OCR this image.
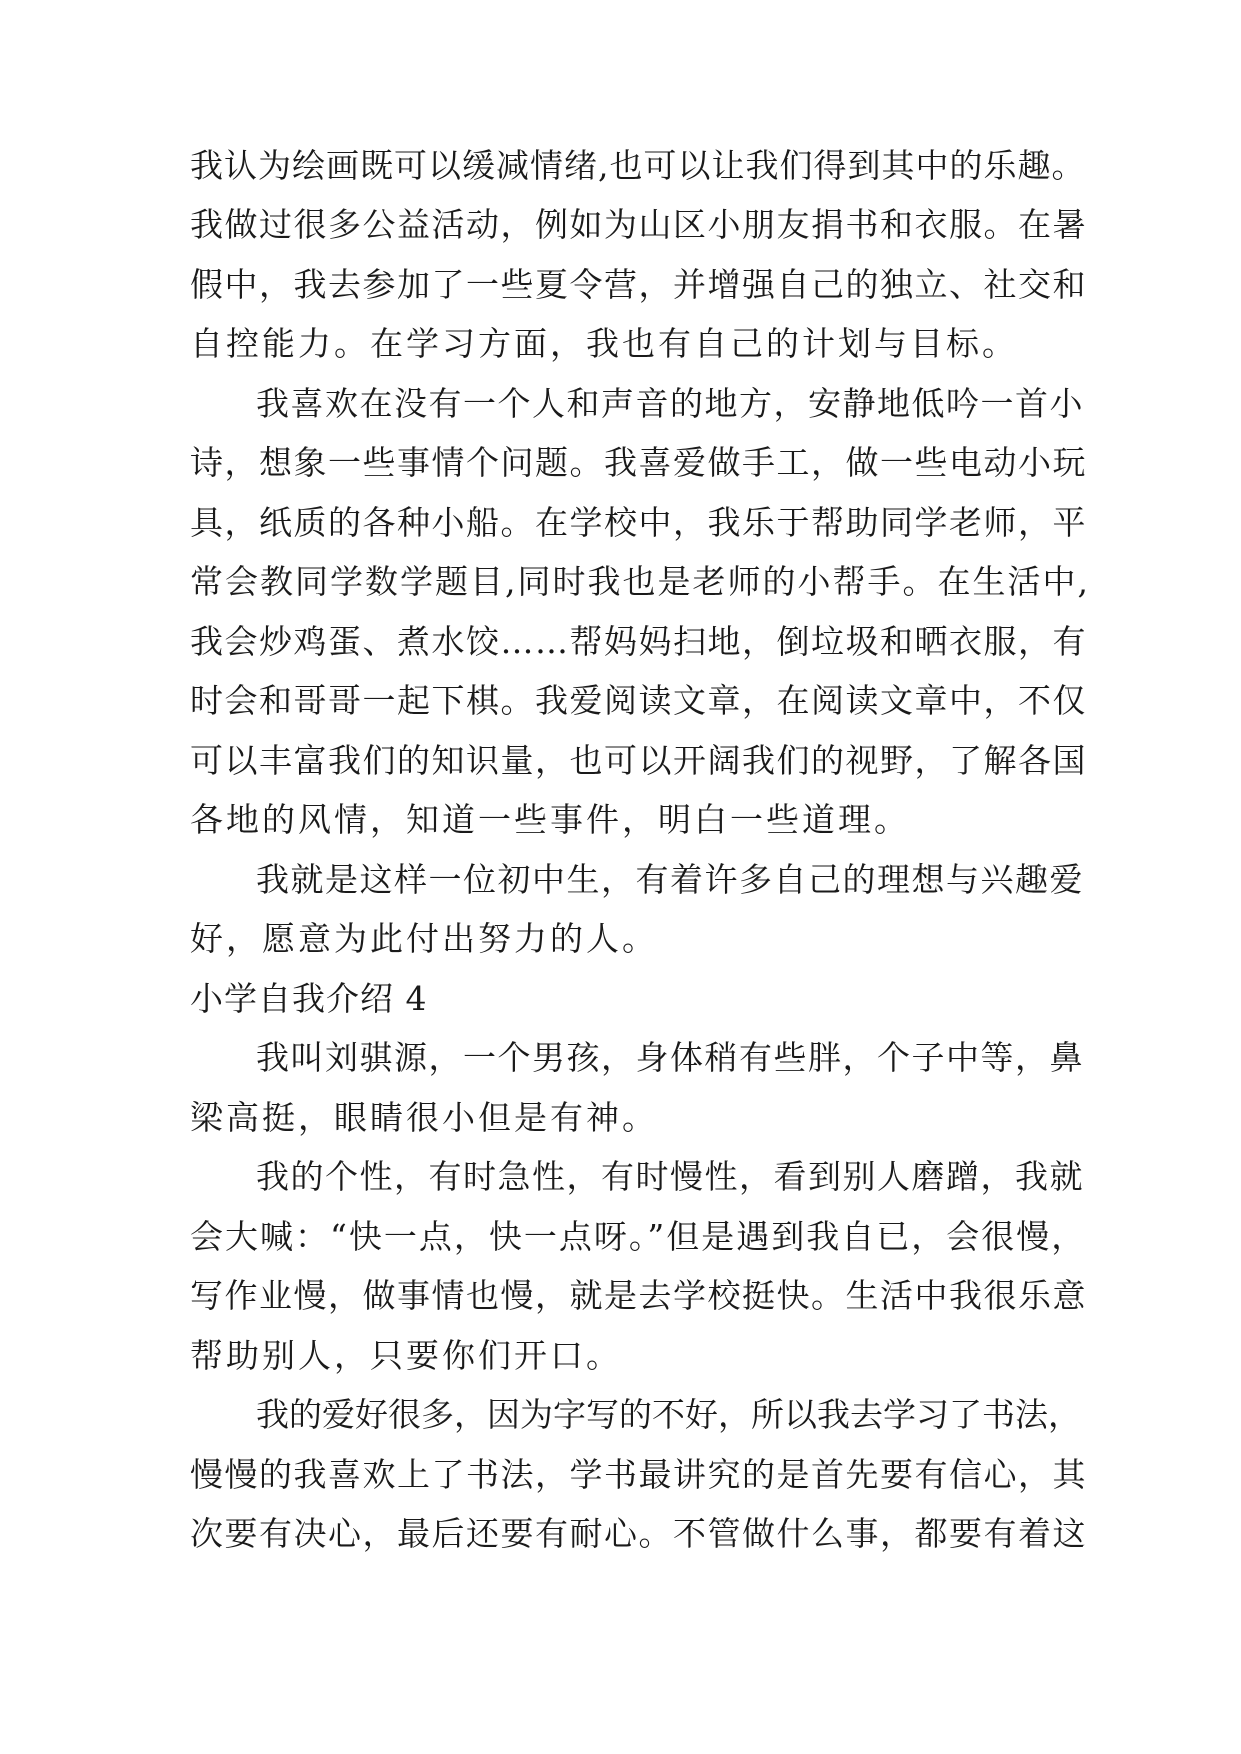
我认为绘画既可以缓减情绪,也可以让我们得到其中的乐趣。
我做过很多公益活动，例如为山区小朋友捐书和衣服。在暑
假中，我去参加了一些夏令营，并增强自己的独立、社交和
自控能力。在学习方面，我也有自己的计划与目标。
我喜欢在没有一个人和声音的地方，安静地低吟一首小
诗，想象一些事情个问题。我喜爱做手工，做一些电动小玩
具，纸质的各种小船。在学校中，我乐于帮助同学老师，平
常会教同学数学题目,同时我也是老师的小帮手。在生活中,
我会炒鸡蛋、煮水饺……帮妈妈扫地，倒垃圾和晒衣服，有
时会和哥哥一起下棋。我爱阅读文章，在阅读文章中，不仅
可以丰富我们的知识量，也可以开阔我们的视野，了解各国
各地的风情，知道一些事件，明白一些道理。
我就是这样一位初中生，有着许多自己的理想与兴趣爱
好，愿意为此付出努力的人。
小学自我介绍 4
我叫刘骐源，一个男孩，身体稍有些胖，个子中等，鼻
梁高挺，眼睛很小但是有神。
我的个性，有时急性，有时慢性，看到别人磨蹭，我就
会大喊：“快一点，快一点呀。”但是遇到我自已，会很慢，
写作业慢，做事情也慢，就是去学校挺快。生活中我很乐意
帮助别人，只要你们开口。
我的爱好很多，因为字写的不好，所以我去学习了书法，
慢慢的我喜欢上了书法，学书最讲究的是首先要有信心，其
次要有决心，最后还要有耐心。不管做什么事，都要有着这
